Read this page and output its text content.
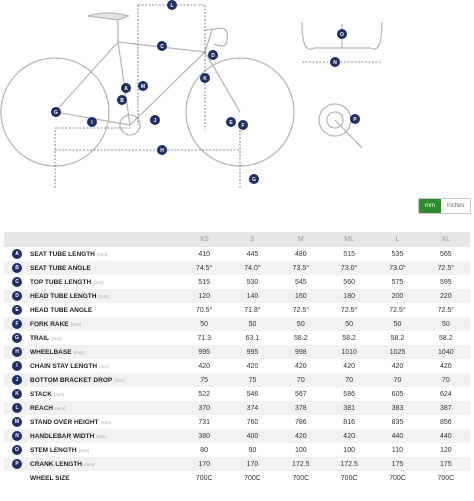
L
A
B
C
D
E F
G
H
I	J
K
M
N
O
G
P
mm	inches
		XS	S	M	ML	L	XL
A	SEAT TUBE LENGTH (mm)	410	445	480	515	535	565
B	SEAT TUBE ANGLE	74.5°	74.0°	73.5°	73.0°	73.0°	72.5°
C	TOP TUBE LENGTH (mm)	515	530	545	560	575	595
D	HEAD TUBE LENGTH (mm)	120	140	160	180	200	220
E	HEAD TUBE ANGLE	70.5°	71.8°	72.5°	72.5°	72.5°	72.5°
F	FORK RAKE (mm)	50	50	50	50	50	50
G	TRAIL (mm)	71.3	63.1	58.2	58.2	58.2	58.2
H	WHEELBASE (mm)	995	995	998	1010	1025	1040
I	CHAIN STAY LENGTH (mm)	420	420	420	420	420	420
J	BOTTOM BRACKET DROP (mm)	75	75	70	70	70	70
K	STACK (mm)	522	546	567	586	605	624
L	REACH (mm)	370	374	378	381	383	387
M	STAND OVER HEIGHT (mm)	731	760	786	816	835	856
N	HANDLEBAR WIDTH (mm)	380	400	420	420	440	440
O	STEM LENGTH (mm)	80	90	100	100	110	120
P	CRANK LENGTH (mm)	170	170	172.5	172.5	175	175
	WHEEL SIZE	700C	700C	700C	700C	700C	700C
